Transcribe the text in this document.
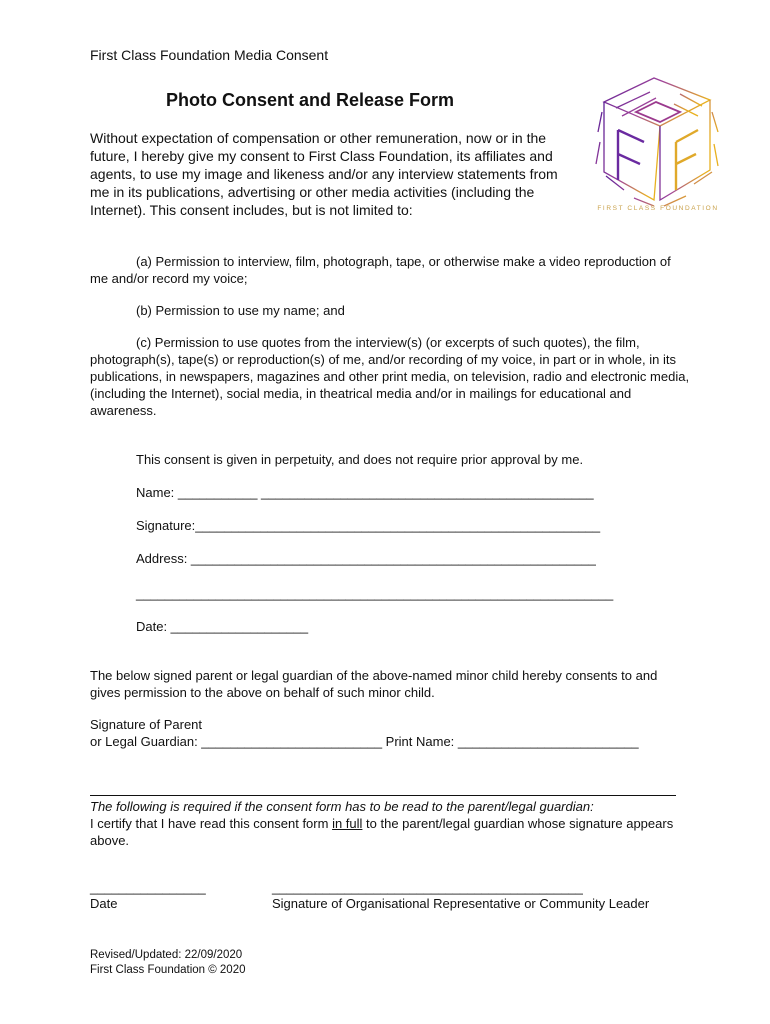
First Class Foundation Media Consent
FIRST CLASS FOUNDATION
Photo Consent and Release Form
Without expectation of compensation or other remuneration, now or in the future, I hereby give my consent to First Class Foundation, its affiliates and agents, to use my image and likeness and/or any interview statements from me in its publications, advertising or other media activities (including the Internet). This consent includes, but is not limited to:
(a) Permission to interview, film, photograph, tape, or otherwise make a video reproduction of me and/or record my voice;
(b) Permission to use my name; and
(c) Permission to use quotes from the interview(s) (or excerpts of such quotes), the film, photograph(s), tape(s) or reproduction(s) of me, and/or recording of my voice, in part or in whole, in its publications, in newspapers, magazines and other print media, on television, radio and electronic media, (including the Internet), social media, in theatrical media and/or in mailings for educational and awareness.
This consent is given in perpetuity, and does not require prior approval by me.
Name: ___________ ______________________________________________
Signature:________________________________________________________
Address: ________________________________________________________
__________________________________________________________________
Date: ___________________
The below signed parent or legal guardian of the above-named minor child hereby consents to and gives permission to the above on behalf of such minor child.
Signature of Parent
or Legal Guardian: _________________________ Print Name: _________________________
The following is required if the consent form has to be read to the parent/legal guardian:
I certify that I have read this consent form in full to the parent/legal guardian whose signature appears above.
________________	___________________________________________
Date	Signature of Organisational Representative or Community Leader
Revised/Updated: 22/09/2020
First Class Foundation © 2020
